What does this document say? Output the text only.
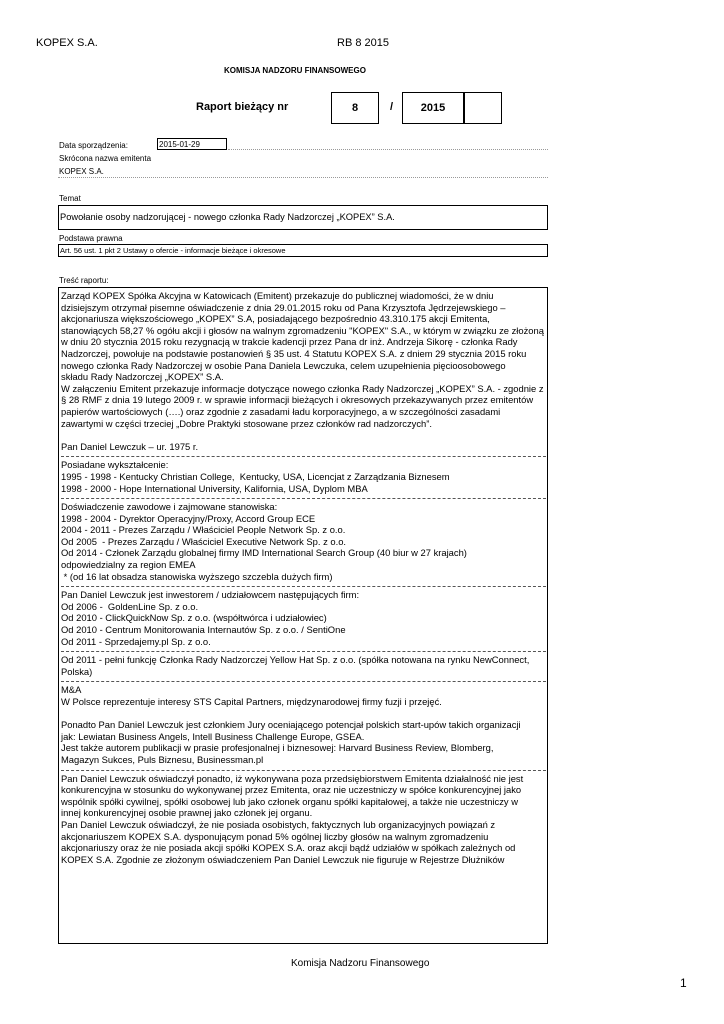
KOPEX S.A.	RB 8 2015
KOMISJA NADZORU FINANSOWEGO
Raport bieżący nr	8	/	2015
Data sporządzenia:	2015-01-29
Skrócona nazwa emitenta
KOPEX S.A.
Temat
Powołanie osoby nadzorującej - nowego członka Rady Nadzorczej „KOPEX” S.A.
Podstawa prawna
Art. 56 ust. 1 pkt 2 Ustawy o ofercie - informacje bieżące i okresowe
Treść raportu:
Zarząd KOPEX Spółka Akcyjna w Katowicach (Emitent) przekazuje do publicznej wiadomości, że w dniu
dzisiejszym otrzymał pisemne oświadczenie z dnia 29.01.2015 roku od Pana Krzysztofa Jędrzejewskiego –
akcjonariusza większościowego „KOPEX” S.A, posiadającego bezpośrednio 43.310.175 akcji Emitenta,
stanowiących 58,27 % ogółu akcji i głosów na walnym zgromadzeniu "KOPEX" S.A., w którym w związku ze złożoną
w dniu 20 stycznia 2015 roku rezygnacją w trakcie kadencji przez Pana dr inż. Andrzeja Sikorę - członka Rady
Nadzorczej, powołuje na podstawie postanowień § 35 ust. 4 Statutu KOPEX S.A. z dniem 29 stycznia 2015 roku
nowego członka Rady Nadzorczej w osobie Pana Daniela Lewczuka, celem uzupełnienia pięcioosobowego
składu Rady Nadzorczej „KOPEX” S.A.
W załączeniu Emitent przekazuje informacje dotyczące nowego członka Rady Nadzorczej „KOPEX” S.A. - zgodnie z
§ 28 RMF z dnia 19 lutego 2009 r. w sprawie informacji bieżących i okresowych przekazywanych przez emitentów
papierów wartościowych (….) oraz zgodnie z zasadami ładu korporacyjnego, a w szczególności zasadami
zawartymi w części trzeciej „Dobre Praktyki stosowane przez członków rad nadzorczych”.
Pan Daniel Lewczuk – ur. 1975 r.
Posiadane wykształcenie:
1995 - 1998 - Kentucky Christian College,  Kentucky, USA, Licencjat z Zarządzania Biznesem
1998 - 2000 - Hope International University, Kalifornia, USA, Dyplom MBA
Doświadczenie zawodowe i zajmowane stanowiska:
1998 - 2004 - Dyrektor Operacyjny/Proxy, Accord Group ECE
2004 - 2011 - Prezes Zarządu / Właściciel People Network Sp. z o.o.
Od 2005  - Prezes Zarządu / Właściciel Executive Network Sp. z o.o.
Od 2014 - Członek Zarządu globalnej firmy IMD International Search Group (40 biur w 27 krajach)
odpowiedzialny za region EMEA
* (od 16 lat obsadza stanowiska wyższego szczebla dużych firm)
Pan Daniel Lewczuk jest inwestorem / udziałowcem następujących firm:
Od 2006 -  GoldenLine Sp. z o.o.
Od 2010 - ClickQuickNow Sp. z o.o. (współtwórca i udziałowiec)
Od 2010 - Centrum Monitorowania Internautów Sp. z o.o. / SentiOne
Od 2011 - Sprzedajemy.pl Sp. z o.o.
Od 2011 - pełni funkcję Członka Rady Nadzorczej Yellow Hat Sp. z o.o. (spółka notowana na rynku NewConnect,
Polska)
M&A
W Polsce reprezentuje interesy STS Capital Partners, międzynarodowej firmy fuzji i przejęć.
Ponadto Pan Daniel Lewczuk jest członkiem Jury oceniającego potencjał polskich start-upów takich organizacji
jak: Lewiatan Business Angels, Intell Business Challenge Europe, GSEA.
Jest także autorem publikacji w prasie profesjonalnej i biznesowej: Harvard Business Review, Blomberg,
Magazyn Sukces, Puls Biznesu, Businessman.pl
Pan Daniel Lewczuk oświadczył ponadto, iż wykonywana poza przedsiębiorstwem Emitenta działalność nie jest
konkurencyjna w stosunku do wykonywanej przez Emitenta, oraz nie uczestniczy w spółce konkurencyjnej jako
wspólnik spółki cywilnej, spółki osobowej lub jako członek organu spółki kapitałowej, a także nie uczestniczy w
innej konkurencyjnej osobie prawnej jako członek jej organu.
Pan Daniel Lewczuk oświadczył, że nie posiada osobistych, faktycznych lub organizacyjnych powiązań z
akcjonariuszem KOPEX S.A. dysponującym ponad 5% ogólnej liczby głosów na walnym zgromadzeniu
akcjonariuszy oraz że nie posiada akcji spółki KOPEX S.A. oraz akcji bądź udziałów w spółkach zależnych od
KOPEX S.A. Zgodnie ze złożonym oświadczeniem Pan Daniel Lewczuk nie figuruje w Rejestrze Dłużników
Komisja Nadzoru Finansowego
1
